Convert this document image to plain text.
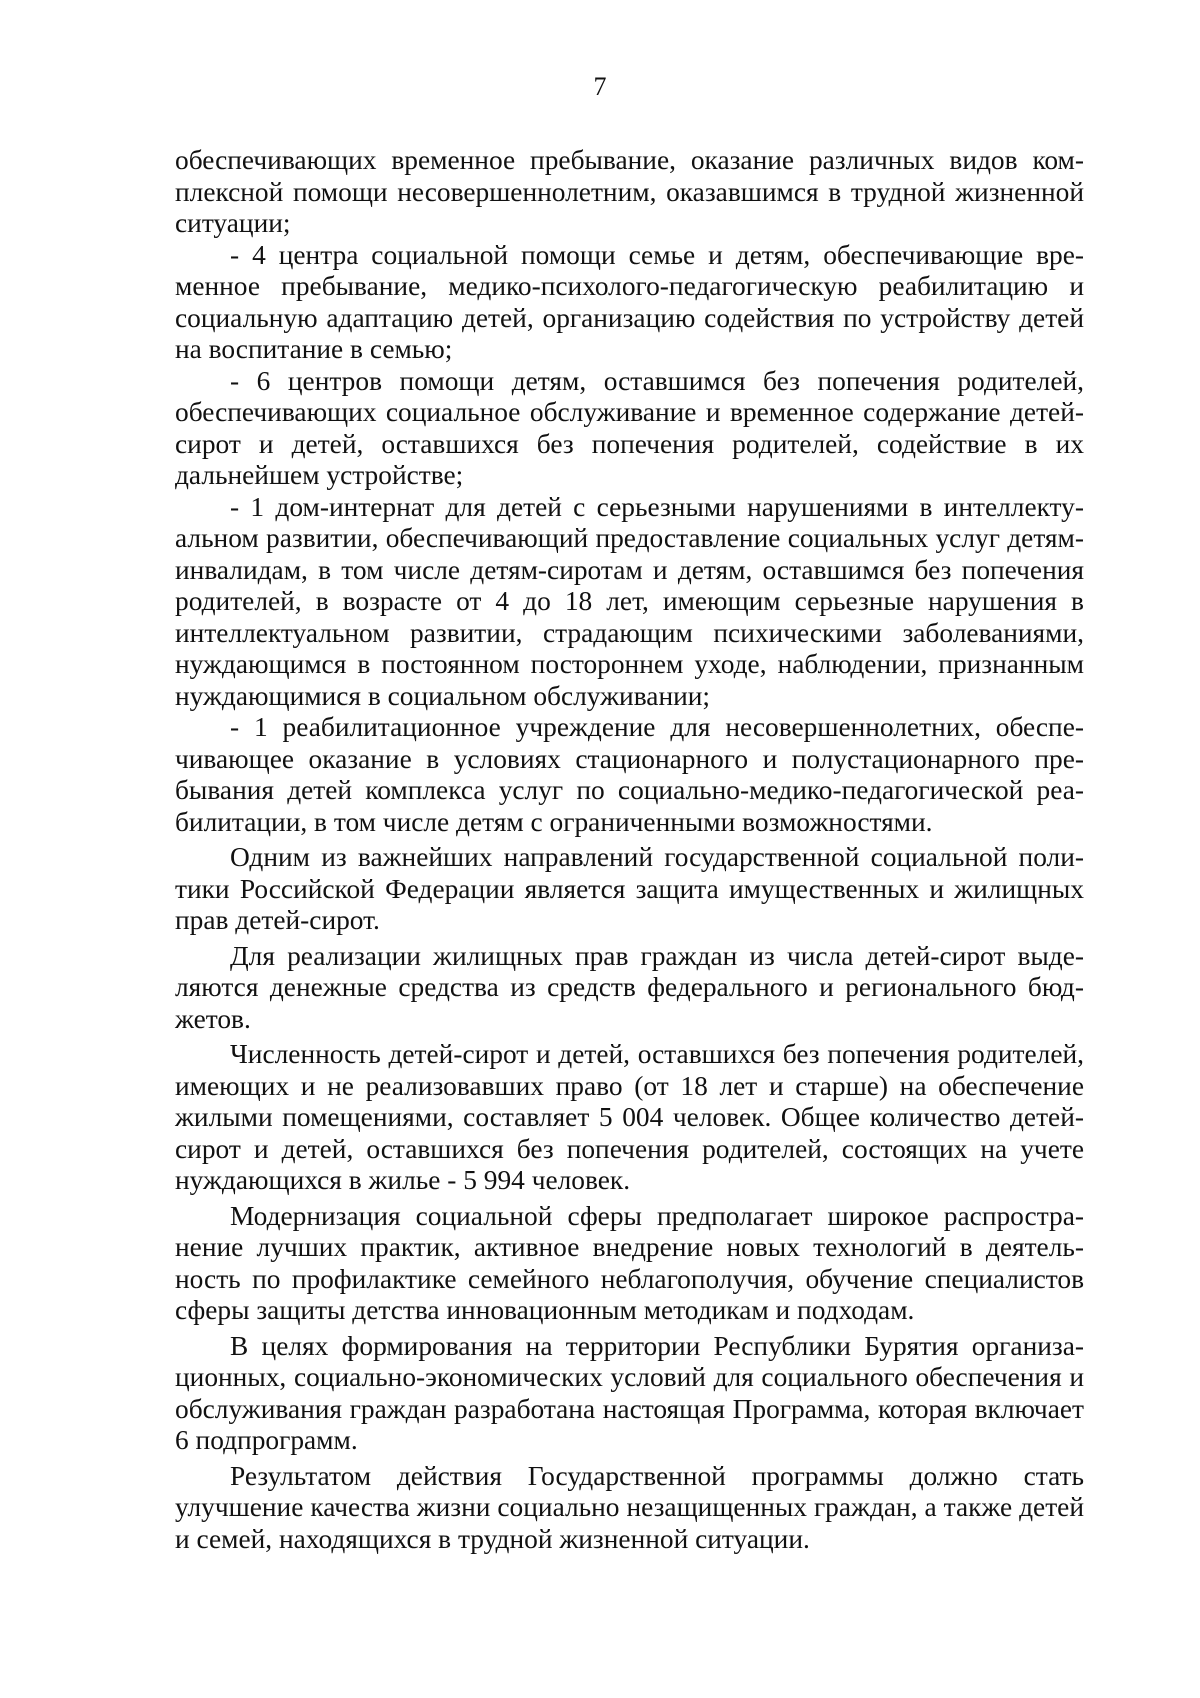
7

обеспечивающих временное пребывание, оказание различных видов комплексной помощи несовершеннолетним, оказавшимся в трудной жизненной ситуации;

- 4 центра социальной помощи семье и детям, обеспечивающие временное пребывание, медико-психолого-педагогическую реабилитацию и социальную адаптацию детей, организацию содействия по устройству детей на воспитание в семью;

- 6 центров помощи детям, оставшимся без попечения родителей, обеспечивающих социальное обслуживание и временное содержание детей-сирот и детей, оставшихся без попечения родителей, содействие в их дальнейшем устройстве;

- 1 дом-интернат для детей с серьезными нарушениями в интеллектуальном развитии, обеспечивающий предоставление социальных услуг детям-инвалидам, в том числе детям-сиротам и детям, оставшимся без попечения родителей, в возрасте от 4 до 18 лет, имеющим серьезные нарушения в интеллектуальном развитии, страдающим психическими заболеваниями, нуждающимся в постоянном постороннем уходе, наблюдении, признанным нуждающимися в социальном обслуживании;

- 1 реабилитационное учреждение для несовершеннолетних, обеспечивающее оказание в условиях стационарного и полустационарного пребывания детей комплекса услуг по социально-медико-педагогической реабилитации, в том числе детям с ограниченными возможностями.

Одним из важнейших направлений государственной социальной политики Российской Федерации является защита имущественных и жилищных прав детей-сирот.

Для реализации жилищных прав граждан из числа детей-сирот выделяются денежные средства из средств федерального и регионального бюджетов.

Численность детей-сирот и детей, оставшихся без попечения родителей, имеющих и не реализовавших право (от 18 лет и старше) на обеспечение жилыми помещениями, составляет 5 004 человек. Общее количество детей-сирот и детей, оставшихся без попечения родителей, состоящих на учете нуждающихся в жилье - 5 994 человек.

Модернизация социальной сферы предполагает широкое распространение лучших практик, активное внедрение новых технологий в деятельность по профилактике семейного неблагополучия, обучение специалистов сферы защиты детства инновационным методикам и подходам.

В целях формирования на территории Республики Бурятия организационных, социально-экономических условий для социального обеспечения и обслуживания граждан разработана настоящая Программа, которая включает 6 подпрограмм.

Результатом действия Государственной программы должно стать улучшение качества жизни социально незащищенных граждан, а также детей и семей, находящихся в трудной жизненной ситуации.
